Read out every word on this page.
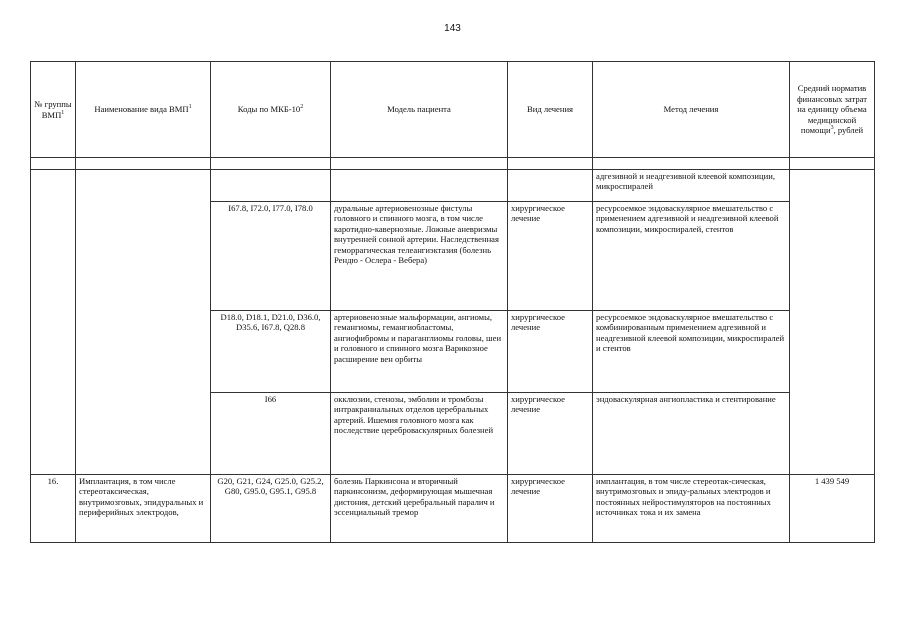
143
№ группы ВМП$^1$	Наименование вида ВМП$^1$	Коды по МКБ-$10^2$	Модель пациента	Вид лечения	Метод лечения	Средний норматив финансовых затрат на единицу объема медицинской помощи$^3$, рублей

					адгезивной и неадгезивной клеевой композиции, микроспиралей	
		I67.8, I72.0, I77.0, I78.0	дуральные артериовенозные фистулы головного и спинного мозга, в том числе каротидно-кавернозные. Ложные аневризмы внутренней сонной артерии. Наследственная геморрагическая телеангиэктазия (болезнь Рендю - Ослера - Вебера)	хирургическое лечение	ресурсоемкое эндоваскулярное вмешательство с применением адгезивной и неадгезивной клеевой композиции, микроспиралей, стентов	
		D18.0, D18.1, D21.0, D36.0, D35.6, I67.8, Q28.8	артериовенозные мальформации, ангиомы, гемангиомы, гемангиобластомы, ангиофибромы и параганглиомы головы, шеи и головного и спинного мозга Варикозное расширение вен орбиты	хирургическое лечение	ресурсоемкое эндоваскулярное вмешательство с комбинированным применением адгезивной и неадгезивной клеевой композиции, микроспиралей и стентов	
		I66	окклюзии, стенозы, эмболии и тромбозы интракраниальных отделов церебральных артерий. Ишемия головного мозга как последствие цереброваскулярных болезней	хирургическое лечение	эндоваскулярная ангиопластика и стентирование	
16.	Имплантация, в том числе стереотаксическая, внутримозговых, эпидуральных и периферийных электродов,	G20, G21, G24, G25.0, G25.2, G80, G95.0, G95.1, G95.8	болезнь Паркинсона и вторичный паркинсонизм, деформирующая мышечная дистония, детский церебральный паралич и эссенциальный тремор	хирургическое лечение	имплантация, в том числе стереотак-сическая, внутримозговых и эпиду-ральных электродов и постоянных нейростимуляторов на постоянных источниках тока и их замена	1 439 549
